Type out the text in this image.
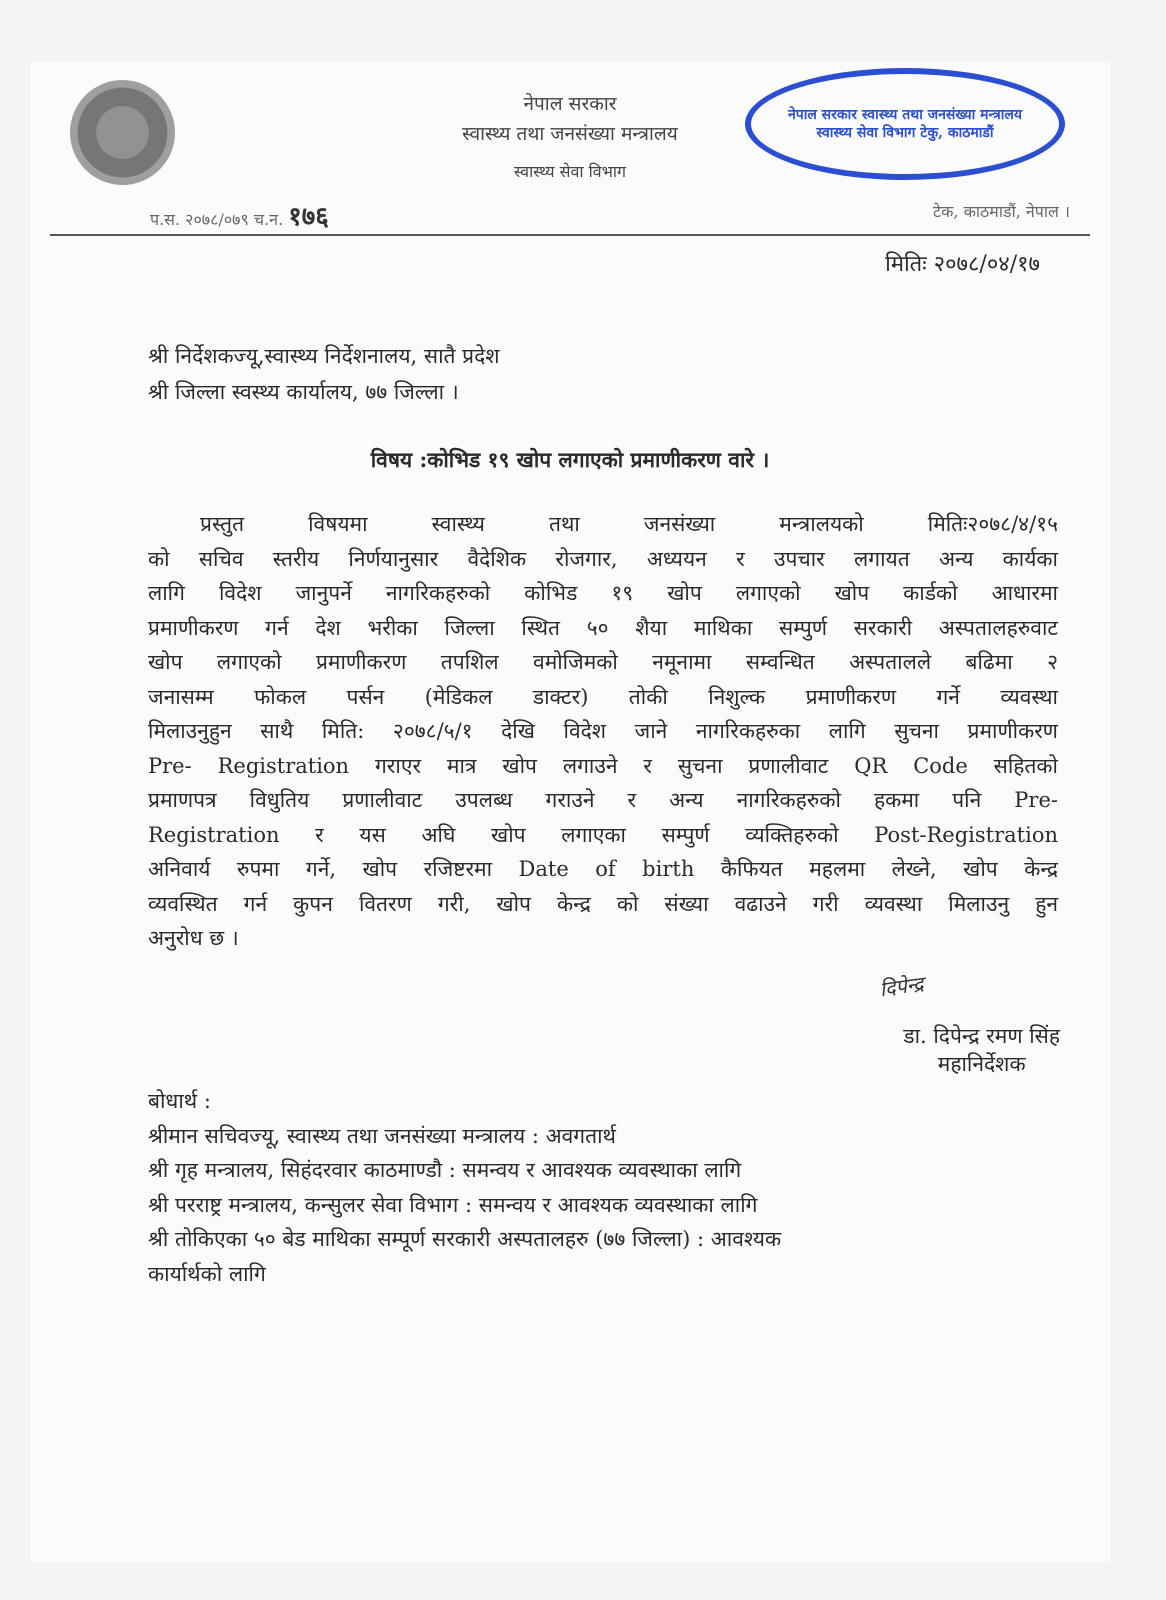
नेपाल सरकार
स्वास्थ्य तथा जनसंख्या मन्त्रालय
स्वास्थ्य सेवा विभाग
नेपाल सरकार स्वास्थ्य तथा जनसंख्या मन्त्रालय स्वास्थ्य सेवा विभाग टेकु, काठमाडौं
प.स. २०७८/०७९ च.न. १७६	टेक, काठमाडौं, नेपाल ।
मितिः २०७८/०४/१७
श्री निर्देशकज्यू,स्वास्थ्य निर्देशनालय, सातै प्रदेश
श्री जिल्ला स्वस्थ्य कार्यालय, ७७ जिल्ला ।
विषय :कोभिड १९ खोप लगाएको प्रमाणीकरण वारे ।
प्रस्तुत विषयमा स्वास्थ्य तथा जनसंख्या मन्त्रालयको मितिः२०७८/४/१५
को सचिव स्तरीय निर्णयानुसार वैदेशिक रोजगार, अध्ययन र उपचार लगायत अन्य कार्यका
लागि विदेश जानुपर्ने नागरिकहरुको कोभिड १९ खोप लगाएको खोप कार्डको आधारमा
प्रमाणीकरण गर्न देश भरीका जिल्ला स्थित ५० शैया माथिका सम्पुर्ण सरकारी अस्पतालहरुवाट
खोप लगाएको प्रमाणीकरण तपशिल वमोजिमको नमूनामा सम्वन्धित अस्पतालले बढिमा २
जनासम्म फोकल पर्सन (मेडिकल डाक्टर) तोकी निशुल्क प्रमाणीकरण गर्ने व्यवस्था
मिलाउनुहुन साथै मिति: २०७८/५/१ देखि विदेश जाने नागरिकहरुका लागि सुचना प्रमाणीकरण
Pre- Registration गराएर मात्र खोप लगाउने र सुचना प्रणालीवाट QR Code सहितको
प्रमाणपत्र विधुतिय प्रणालीवाट उपलब्ध गराउने र अन्य नागरिकहरुको हकमा पनि Pre-
Registration र यस अघि खोप लगाएका सम्पुर्ण व्यक्तिहरुको Post-Registration
अनिवार्य रुपमा गर्ने, खोप रजिष्टरमा Date of birth कैफियत महलमा लेख्ने, खोप केन्द्र
व्यवस्थित गर्न कुपन वितरण गरी, खोप केन्द्र को संख्या वढाउने गरी व्यवस्था मिलाउनु हुन
अनुरोध छ ।
दिपेन्द्र
डा. दिपेन्द्र रमण सिंह
महानिर्देशक
बोधार्थ :
श्रीमान सचिवज्यू, स्वास्थ्य तथा जनसंख्या मन्त्रालय : अवगतार्थ
श्री गृह मन्त्रालय, सिहंदरवार काठमाण्डौ : समन्वय र आवश्यक व्यवस्थाका लागि
श्री परराष्ट्र मन्त्रालय, कन्सुलर सेवा विभाग : समन्वय र आवश्यक व्यवस्थाका लागि
श्री तोकिएका ५० बेड माथिका सम्पूर्ण सरकारी अस्पतालहरु (७७ जिल्ला) : आवश्यक
कार्यार्थको लागि
